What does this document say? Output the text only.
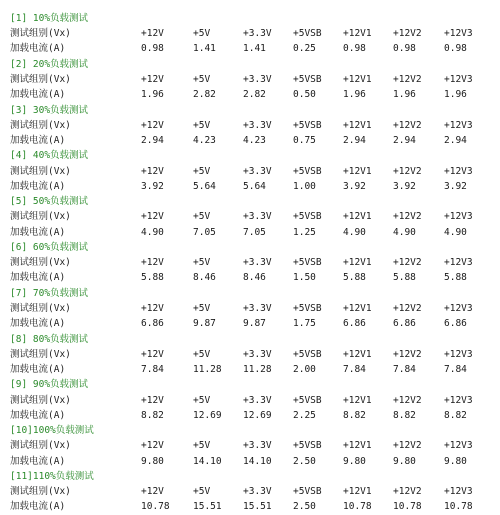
[1] 10%负载测试
测试组别(Vx)	+12V	+5V	+3.3V +5VSB +12V1 +12V2 +12V3
加载电流(A)	0.98	1.41	1.41	0.25	0.98	0.98	0.98
[2] 20%负载测试
测试组别(Vx)	+12V	+5V	+3.3V +5VSB +12V1 +12V2 +12V3
加载电流(A)	1.96	2.82	2.82	0.50	1.96	1.96	1.96
[3] 30%负载测试
测试组别(Vx)	+12V	+5V	+3.3V +5VSB +12V1 +12V2 +12V3
加载电流(A)	2.94	4.23	4.23	0.75	2.94	2.94	2.94
[4] 40%负载测试
测试组别(Vx)	+12V	+5V	+3.3V +5VSB +12V1 +12V2 +12V3
加载电流(A)	3.92	5.64	5.64	1.00	3.92	3.92	3.92
[5] 50%负载测试
测试组别(Vx)	+12V	+5V	+3.3V +5VSB +12V1 +12V2 +12V3
加载电流(A)	4.90	7.05	7.05	1.25	4.90	4.90	4.90
[6] 60%负载测试
测试组别(Vx)	+12V	+5V	+3.3V +5VSB +12V1 +12V2 +12V3
加载电流(A)	5.88	8.46	8.46	1.50	5.88	5.88	5.88
[7] 70%负载测试
测试组别(Vx)	+12V	+5V	+3.3V +5VSB +12V1 +12V2 +12V3
加载电流(A)	6.86	9.87	9.87	1.75	6.86	6.86	6.86
[8] 80%负载测试
测试组别(Vx)	+12V	+5V	+3.3V +5VSB +12V1 +12V2 +12V3
加载电流(A)	7.84	11.28 11.28 2.00	7.84	7.84	7.84
[9] 90%负载测试
测试组别(Vx)	+12V	+5V	+3.3V +5VSB +12V1 +12V2 +12V3
加载电流(A)	8.82	12.69 12.69 2.25	8.82	8.82	8.82
[10]100%负载测试
测试组别(Vx)	+12V	+5V	+3.3V +5VSB +12V1 +12V2 +12V3
加载电流(A)	9.80	14.10 14.10 2.50	9.80	9.80	9.80
[11]110%负载测试
测试组别(Vx)	+12V	+5V	+3.3V +5VSB +12V1 +12V2 +12V3
加载电流(A)	10.78 15.51 15.51 2.50	10.78 10.78 10.78
